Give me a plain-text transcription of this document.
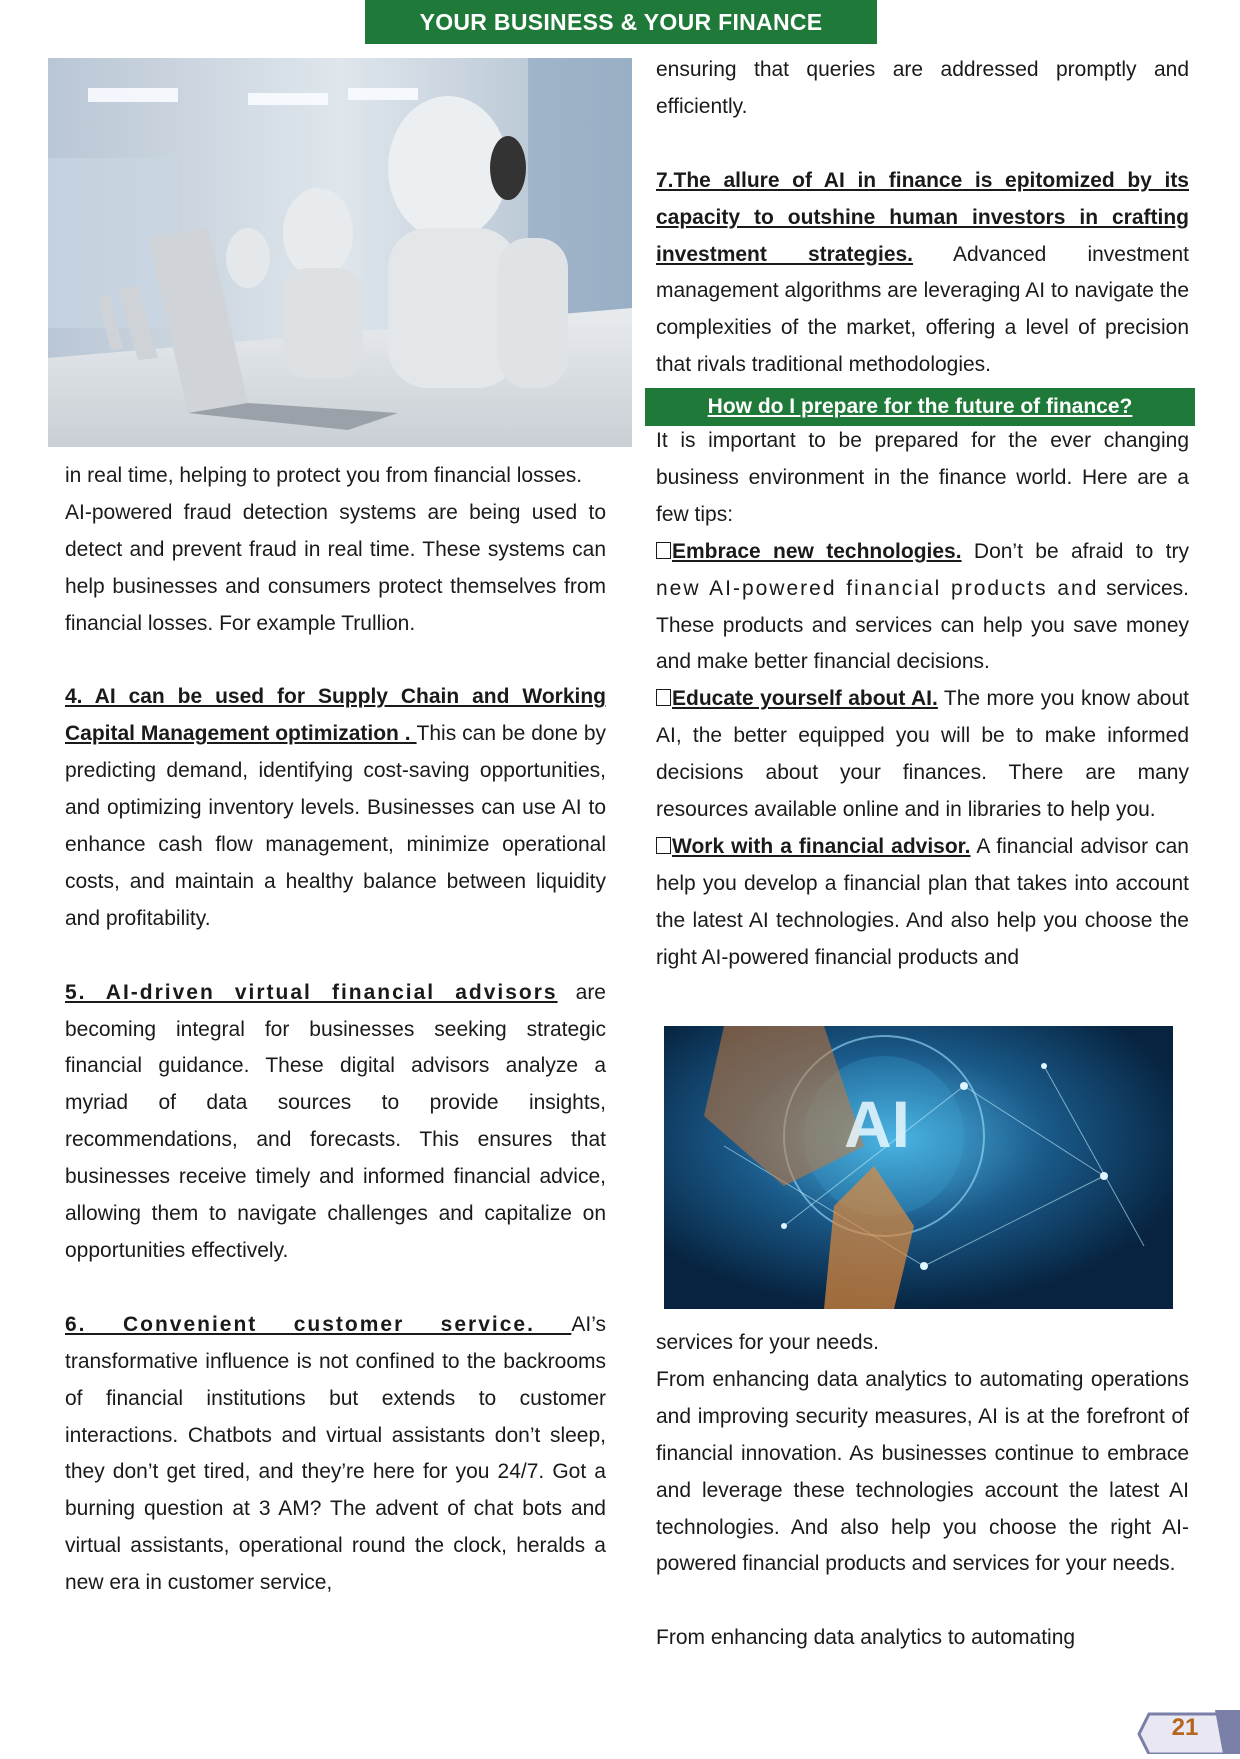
YOUR BUSINESS & YOUR FINANCE

in real time, helping to protect you from financial losses.

AI-powered fraud detection systems are being used to detect and prevent fraud in real time. These systems can help businesses and consumers protect themselves from financial losses. For example Trullion.

4. AI can be used for Supply Chain and Working Capital Management optimization . This can be done by predicting demand, identifying cost-saving opportunities, and optimizing inventory levels. Businesses can use AI to enhance cash flow management, minimize operational costs, and maintain a healthy balance between liquidity and profitability.

5. AI-driven virtual financial advisors are becoming integral for businesses seeking strategic financial guidance. These digital advisors analyze a myriad of data sources to provide insights, recommendations, and forecasts. This ensures that businesses receive timely and informed financial advice, allowing them to navigate challenges and capitalize on opportunities effectively.

6. Convenient customer service. AI’s transformative influence is not confined to the backrooms of financial institutions but extends to customer interactions. Chatbots and virtual assistants don’t sleep, they don’t get tired, and they’re here for you 24/7. Got a burning question at 3 AM? The advent of chat bots and virtual assistants, operational round the clock, heralds a new era in customer service,

ensuring that queries are addressed promptly and efficiently.

7.The allure of AI in finance is epitomized by its capacity to outshine human investors in crafting investment strategies. Advanced investment management algorithms are leveraging AI to navigate the complexities of the market, offering a level of precision that rivals traditional methodologies.

How do I prepare for the future of finance?

It is important to be prepared for the ever changing business environment in the finance world. Here are a few tips:

Embrace new technologies. Don’t be afraid to try new AI-powered financial products and services. These products and services can help you save money and make better financial decisions.

Educate yourself about AI. The more you know about AI, the better equipped you will be to make informed decisions about your finances. There are many resources available online and in libraries to help you.

Work with a financial advisor. A financial advisor can help you develop a financial plan that takes into account the latest AI technologies. And also help you choose the right AI-powered financial products and

AI

services for your needs.

From enhancing data analytics to automating operations and improving security measures, AI is at the forefront of financial innovation. As businesses continue to embrace and leverage these technologies account the latest AI technologies. And also help you choose the right AI-powered financial products and services for your needs.

From enhancing data analytics to automating

21
